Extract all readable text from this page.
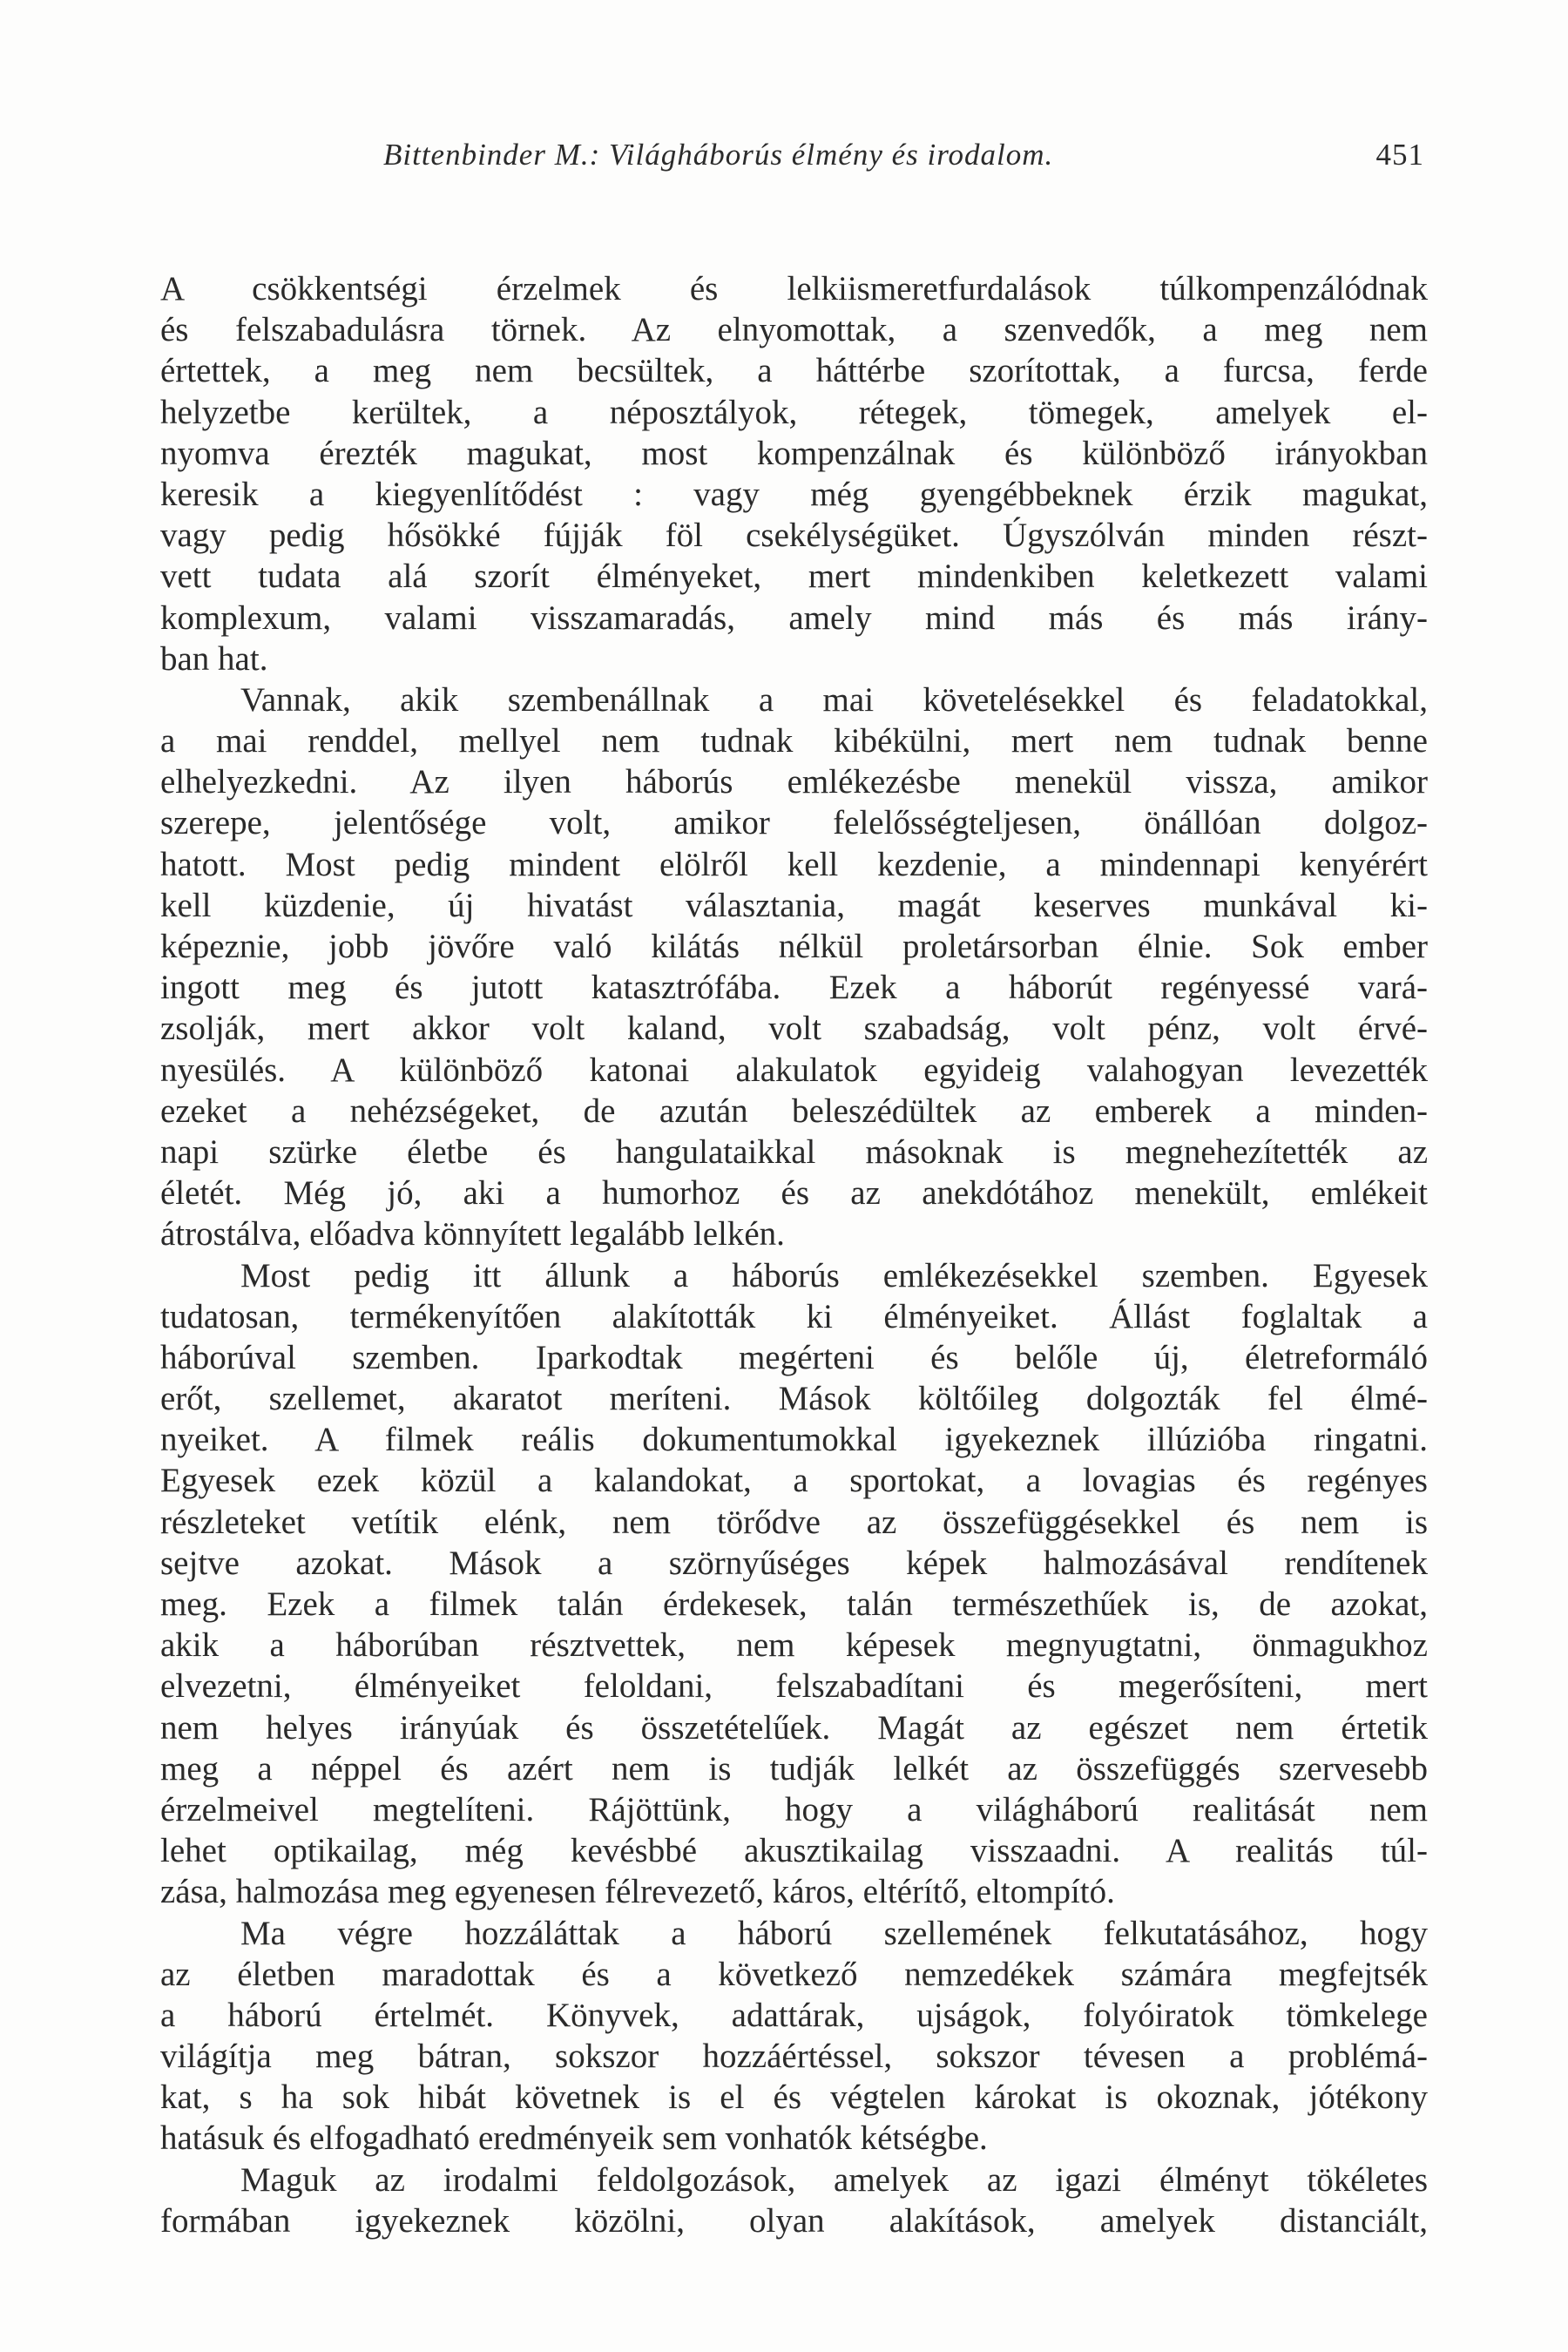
Bittenbinder M.: Világháborús élmény és irodalom.	451
A csökkentségi érzelmek és lelkiismeretfurdalások túlkompenzálódnak
és felszabadulásra törnek. Az elnyomottak, a szenvedők, a meg nem
értettek, a meg nem becsültek, a háttérbe szorítottak, a furcsa, ferde
helyzetbe kerültek, a néposztályok, rétegek, tömegek, amelyek el-
nyomva érezték magukat, most kompenzálnak és különböző irányokban
keresik a kiegyenlítődést : vagy még gyengébbeknek érzik magukat,
vagy pedig hősökké fújják föl csekélységüket. Úgyszólván minden részt-
vett tudata alá szorít élményeket, mert mindenkiben keletkezett valami
komplexum, valami visszamaradás, amely mind más és más irány-
ban hat.
Vannak, akik szembenállnak a mai követelésekkel és feladatokkal,
a mai renddel, mellyel nem tudnak kibékülni, mert nem tudnak benne
elhelyezkedni. Az ilyen háborús emlékezésbe menekül vissza, amikor
szerepe, jelentősége volt, amikor felelősségteljesen, önállóan dolgoz-
hatott. Most pedig mindent elölről kell kezdenie, a mindennapi kenyérért
kell küzdenie, új hivatást választania, magát keserves munkával ki-
képeznie, jobb jövőre való kilátás nélkül proletársorban élnie. Sok ember
ingott meg és jutott katasztrófába. Ezek a háborút regényessé vará-
zsolják, mert akkor volt kaland, volt szabadság, volt pénz, volt érvé-
nyesülés. A különböző katonai alakulatok egyideig valahogyan levezették
ezeket a nehézségeket, de azután beleszédültek az emberek a minden-
napi szürke életbe és hangulataikkal másoknak is megnehezítették az
életét. Még jó, aki a humorhoz és az anekdótához menekült, emlékeit
átrostálva, előadva könnyített legalább lelkén.
Most pedig itt állunk a háborús emlékezésekkel szemben. Egyesek
tudatosan, termékenyítően alakították ki élményeiket. Állást foglaltak a
háborúval szemben. Iparkodtak megérteni és belőle új, életreformáló
erőt, szellemet, akaratot meríteni. Mások költőileg dolgozták fel élmé-
nyeiket. A filmek reális dokumentumokkal igyekeznek illúzióba ringatni.
Egyesek ezek közül a kalandokat, a sportokat, a lovagias és regényes
részleteket vetítik elénk, nem törődve az összefüggésekkel és nem is
sejtve azokat. Mások a szörnyűséges képek halmozásával rendítenek
meg. Ezek a filmek talán érdekesek, talán természethűek is, de azokat,
akik a háborúban résztvettek, nem képesek megnyugtatni, önmagukhoz
elvezetni, élményeiket feloldani, felszabadítani és megerősíteni, mert
nem helyes irányúak és összetételűek. Magát az egészet nem értetik
meg a néppel és azért nem is tudják lelkét az összefüggés szervesebb
érzelmeivel megtelíteni. Rájöttünk, hogy a világháború realitását nem
lehet optikailag, még kevésbbé akusztikailag visszaadni. A realitás túl-
zása, halmozása meg egyenesen félrevezető, káros, eltérítő, eltompító.
Ma végre hozzáláttak a háború szellemének felkutatásához, hogy
az életben maradottak és a következő nemzedékek számára megfejtsék
a háború értelmét. Könyvek, adattárak, ujságok, folyóiratok tömkelege
világítja meg bátran, sokszor hozzáértéssel, sokszor tévesen a problémá-
kat, s ha sok hibát követnek is el és végtelen károkat is okoznak, jótékony
hatásuk és elfogadható eredményeik sem vonhatók kétségbe.
Maguk az irodalmi feldolgozások, amelyek az igazi élményt tökéletes
formában igyekeznek közölni, olyan alakítások, amelyek distanciált,
